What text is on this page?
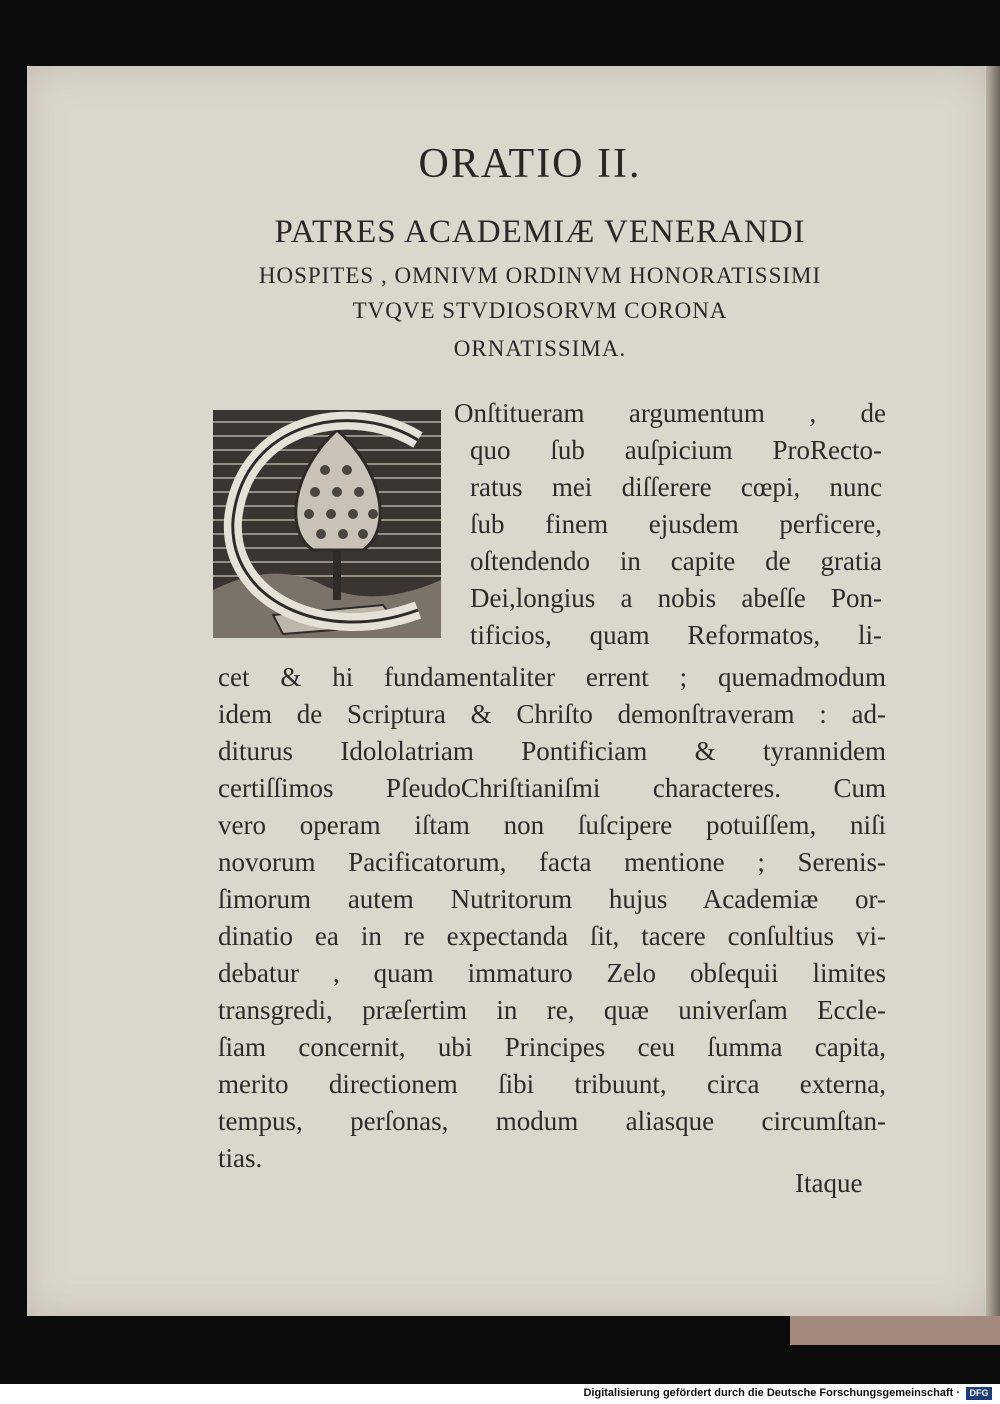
ORATIO II.
PATRES ACADEMIÆ VENERANDI
HOSPITES , OMNIVM ORDINVM HONORATISSIMI
TVQVE STVDIOSORVM CORONA
ORNATISSIMA.
Onſtitueram argumentum , de
quo ſub auſpicium ProRecto-
ratus mei diſſerere cœpi, nunc
ſub finem ejusdem perficere,
oſtendendo in capite de gratia
Dei,longius a nobis abeſſe Pon-
tificios, quam Reformatos, li-
cet & hi fundamentaliter errent ; quemadmodum
idem de Scriptura & Chriſto demonſtraveram : ad-
diturus Idololatriam Pontificiam & tyrannidem
certiſſimos PſeudoChriſtianiſmi characteres. Cum
vero operam iſtam non ſuſcipere potuiſſem, niſi
novorum Pacificatorum, facta mentione ; Serenis-
ſimorum autem Nutritorum hujus Academiæ or-
dinatio ea in re expectanda ſit, tacere conſultius vi-
debatur , quam immaturo Zelo obſequii limites
transgredi, præſertim in re, quæ univerſam Eccle-
ſiam concernit, ubi Principes ceu ſumma capita,
merito directionem ſibi tribuunt, circa externa,
tempus, perſonas, modum aliasque circumſtan-
tias.
Itaque
Digitalisierung gefördert durch die Deutsche Forschungsgemeinschaft ·	DFG
